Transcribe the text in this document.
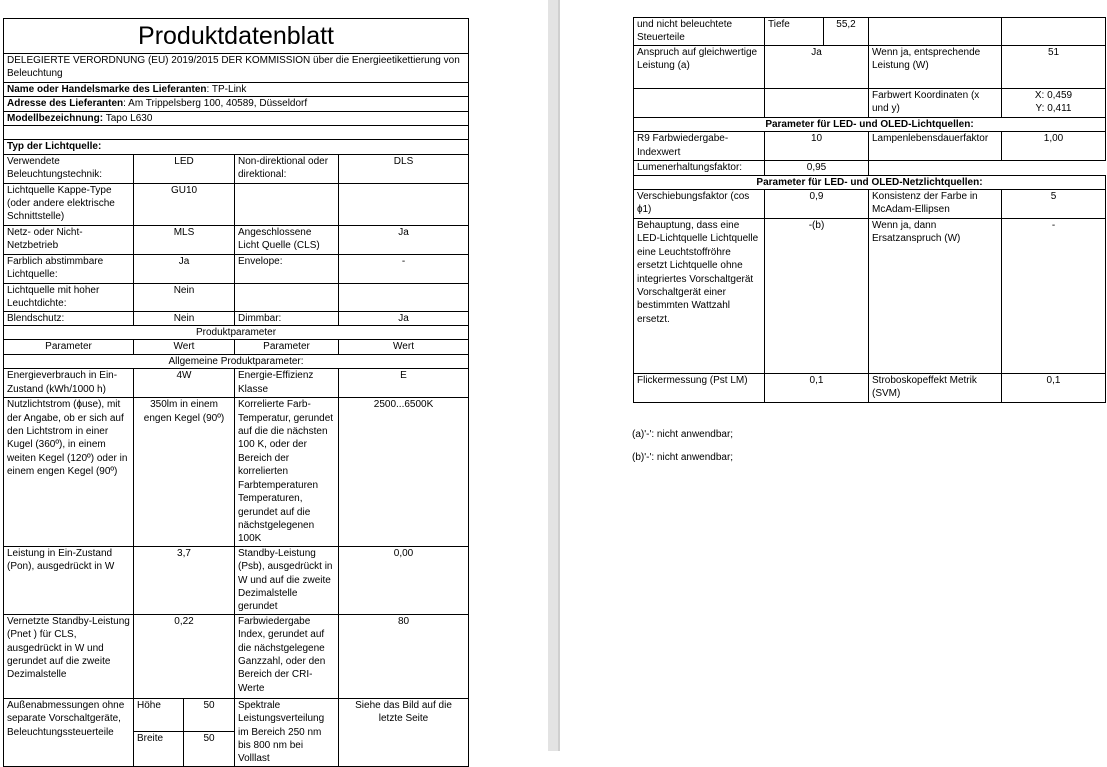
Produktdatenblatt				
DELEGIERTE VERORDNUNG (EU) 2019/2015 DER KOMMISSION über die Energieetikettierung von Beleuchtung				
Name oder Handelsmarke des Lieferanten: TP-Link				
Adresse des Lieferanten: Am Trippelsberg 100, 40589, Düsseldorf				
Modellbezeichnung: Tapo L630				

Typ der Lichtquelle:				
Verwendete Beleuchtungstechnik:	LED		Non-direktional oder direktional:	DLS
Lichtquelle Kappe-Type (oder andere elektrische Schnittstelle)	GU10			
Netz- oder Nicht-Netzbetrieb	MLS		Angeschlossene Licht Quelle (CLS)	Ja
Farblich abstimmbare Lichtquelle:	Ja		Envelope:	-
Lichtquelle mit hoher Leuchtdichte:	Nein			
Blendschutz:	Nein		Dimmbar:	Ja
Produktparameter				
Parameter	Wert		Parameter	Wert
Allgemeine Produktparameter:				
Energieverbrauch in Ein-Zustand (kWh/1000 h)	4W		Energie-Effizienz Klasse	E
Nutzlichtstrom (ɸuse), mit der Angabe, ob er sich auf den Lichtstrom in einer Kugel (360º), in einem weiten Kegel (120º) oder in einem engen Kegel (90º)	350lm in einem engen Kegel (90º)		Korrelierte Farb-Temperatur, gerundet auf die die nächsten 100 K, oder der Bereich der korrelierten Farbtemperaturen Temperaturen, gerundet auf die nächstgelegenen 100K	2500...6500K
Leistung in Ein-Zustand (Pon), ausgedrückt in W	3,7		Standby-Leistung (Psb), ausgedrückt in W und auf die zweite Dezimalstelle gerundet	0,00
Vernetzte Standby-Leistung (Pnet ) für CLS, ausgedrückt in W und gerundet auf die zweite Dezimalstelle	0,22		Farbwiedergabe Index, gerundet auf die nächstgelegene Ganzzahl, oder den Bereich der CRI-Werte	80
Außenabmessungen ohne separate Vorschaltgeräte, Beleuchtungssteuerteile	Höhe	50	Spektrale Leistungsverteilung im Bereich 250 nm bis 800 nm bei Volllast	Siehe das Bild auf die letzte Seite
	Breite	50		
und nicht beleuchtete Steuerteile	Tiefe	55,2		
Anspruch auf gleichwertige Leistung (a)	Ja		Wenn ja, entsprechende Leistung (W)	51
			Farbwert Koordinaten (x und y)	X: 0,459
Y: 0,411

Parameter für LED- und OLED-Lichtquellen:				
R9 Farbwiedergabe-Indexwert	10		Lampenlebensdauerfaktor	1,00
Lumenerhaltungsfaktor:	0,95			
Parameter für LED- und OLED-Netzlichtquellen:				
Verschiebungsfaktor (cos ɸ1)	0,9		Konsistenz der Farbe in McAdam-Ellipsen	5
Behauptung, dass eine LED-Lichtquelle Lichtquelle eine Leuchtstoffröhre ersetzt Lichtquelle ohne integriertes Vorschaltgerät Vorschaltgerät einer bestimmten Wattzahl ersetzt.	-(b)		Wenn ja, dann Ersatzanspruch (W)	-
Flickermessung (Pst LM)	0,1		Stroboskopeffekt Metrik (SVM)	0,1
(a)'-': nicht anwendbar;
(b)'-': nicht anwendbar;
